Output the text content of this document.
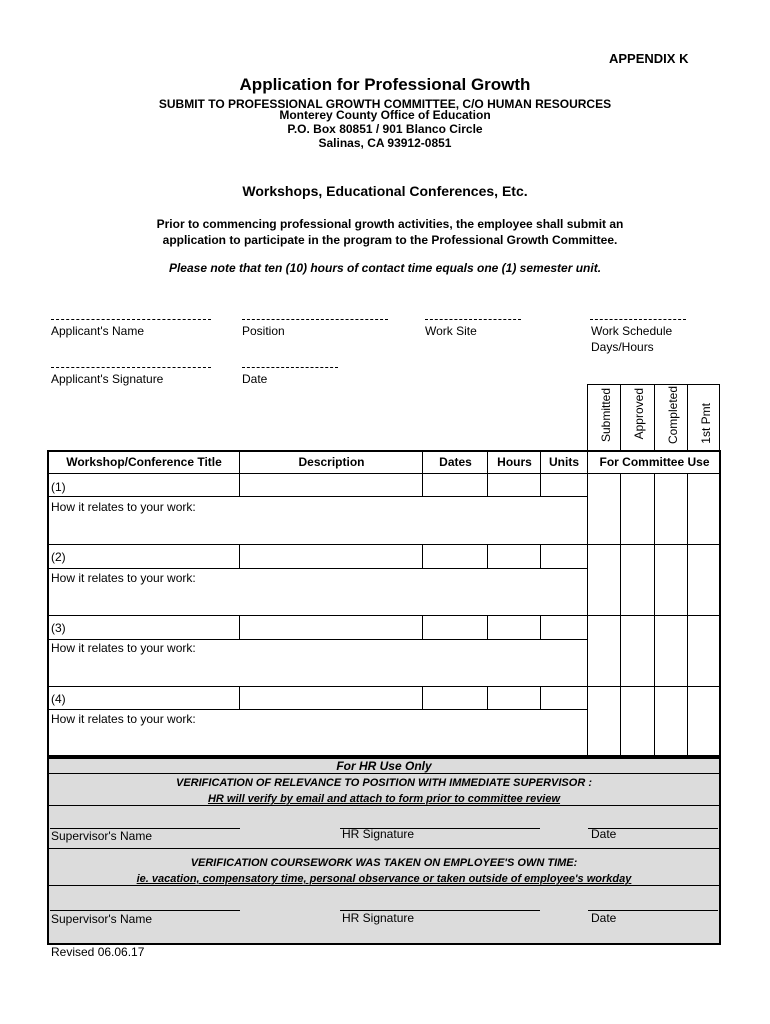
APPENDIX K
Application for Professional Growth
SUBMIT TO PROFESSIONAL GROWTH COMMITTEE, C/O HUMAN RESOURCES
Monterey County Office of Education
P.O. Box 80851 / 901 Blanco Circle
Salinas, CA 93912-0851
Workshops, Educational Conferences, Etc.
Prior to commencing professional growth activities, the employee shall submit an
application to participate in the program to the Professional Growth Committee.
Please note that ten (10) hours of contact time equals one (1) semester unit.
Applicant's Name	Position	Work Site	Work Schedule
Days/Hours
Applicant's Signature	Date
Submitted Approved Completed 1st Pmt
Workshop/Conference Title	Description	Dates	Hours	Units	For Committee Use
(1)
How it relates to your work:
(2)
How it relates to your work:
(3)
How it relates to your work:
(4)
How it relates to your work:
For HR Use Only
VERIFICATION OF RELEVANCE TO POSITION WITH IMMEDIATE SUPERVISOR :
HR will verify by email and attach to form prior to committee review
Supervisor's Name	HR Signature	Date
VERIFICATION COURSEWORK WAS TAKEN ON EMPLOYEE'S OWN TIME:
ie. vacation, compensatory time, personal observance or taken outside of employee's workday
Supervisor's Name	HR Signature	Date
Revised 06.06.17
